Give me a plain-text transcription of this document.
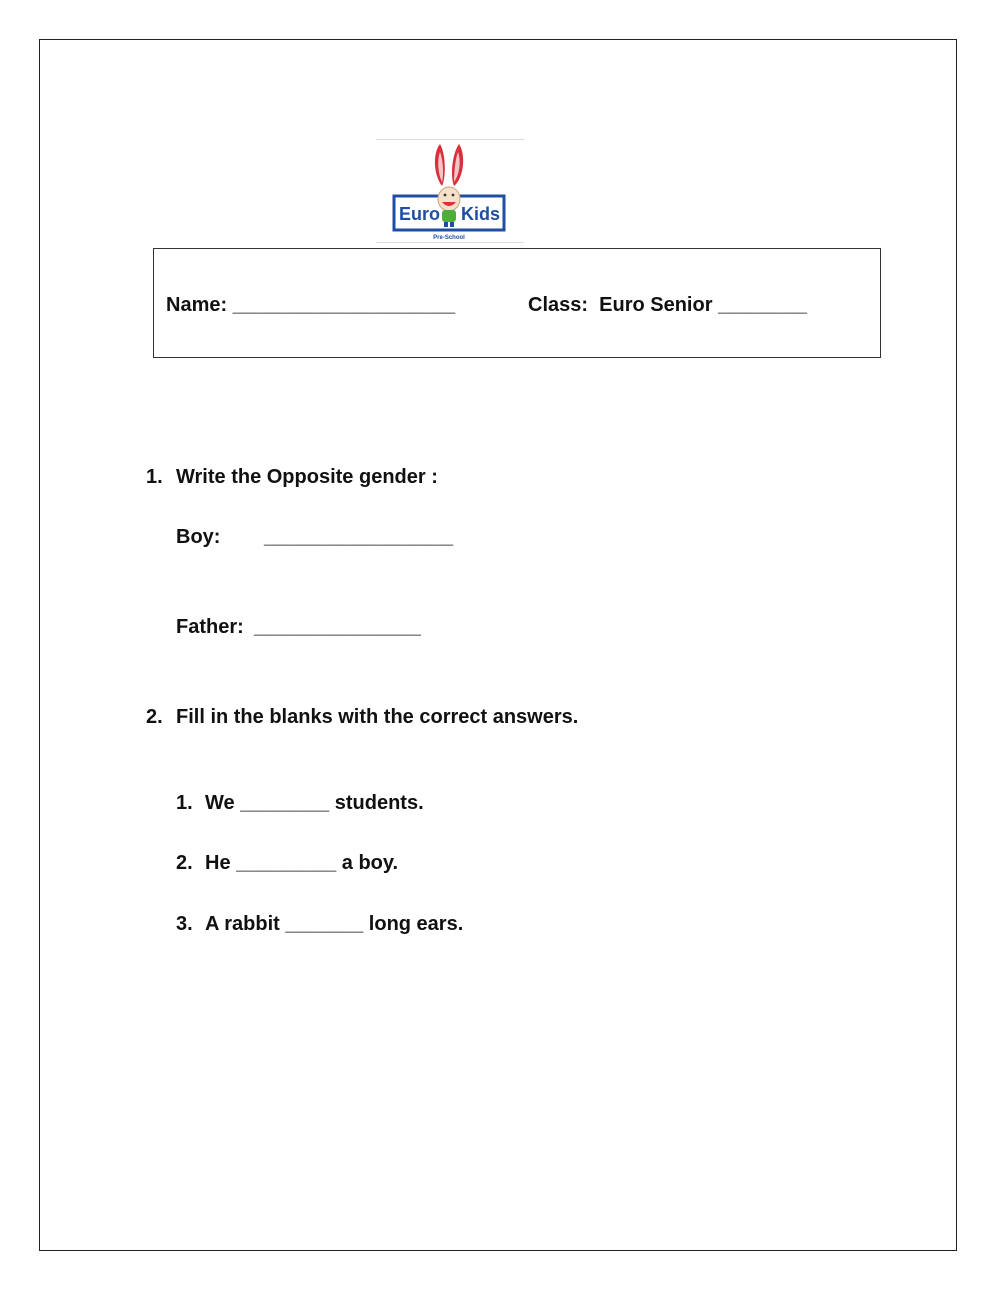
Euro Kids
Pre-School
Name: ____________________	Class:  Euro Senior ________
1. Write the Opposite gender :
Boy: _________________
Father: _______________
2. Fill in the blanks with the correct answers.
1. We ________ students.
2. He _________ a boy.
3. A rabbit _______ long ears.
